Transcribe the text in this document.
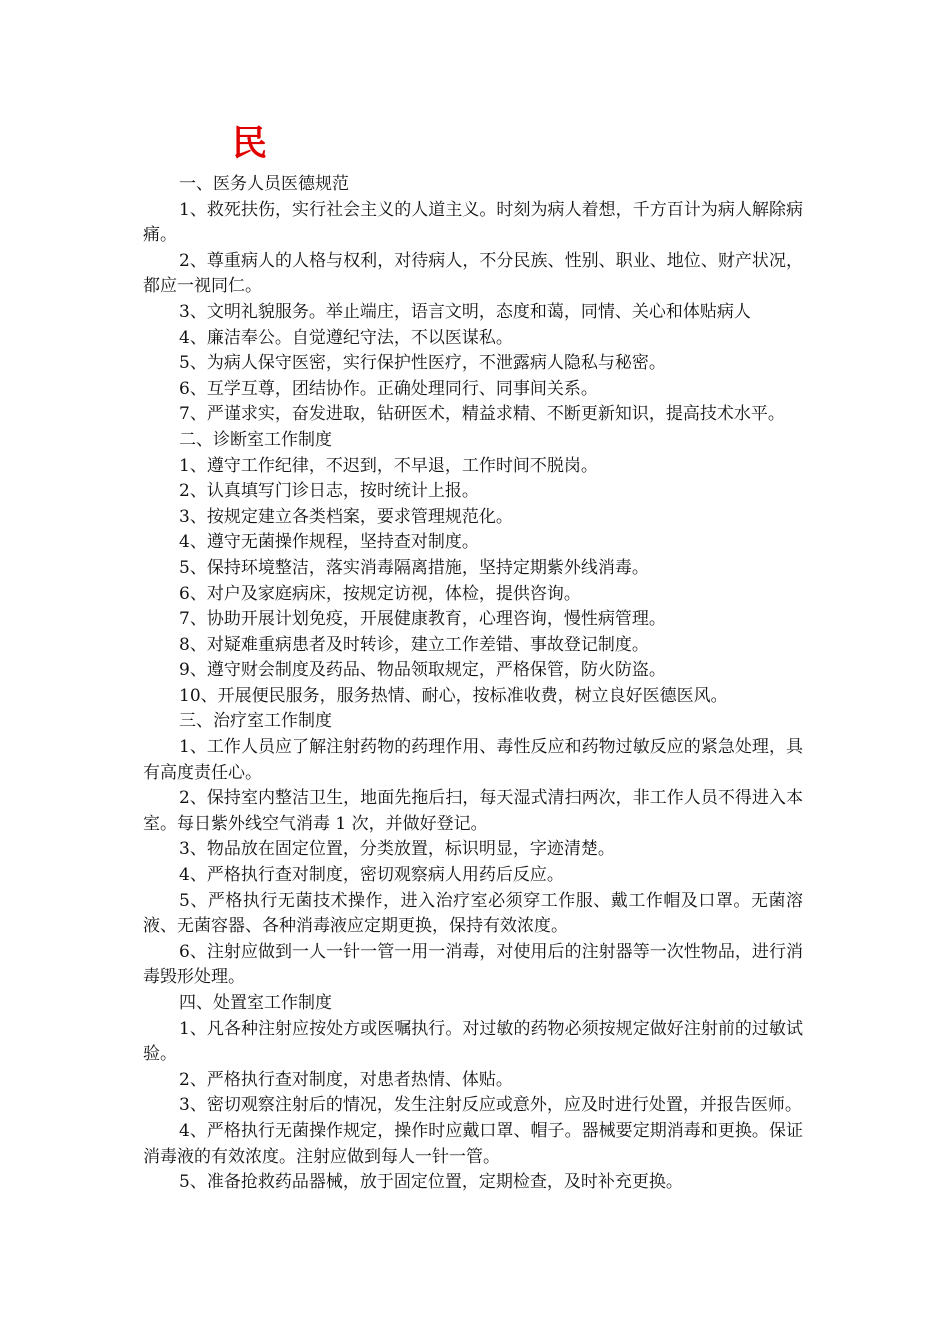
民

一、医务人员医德规范

1、救死扶伤，实行社会主义的人道主义。时刻为病人着想，千方百计为病人解除病痛。

2、尊重病人的人格与权利，对待病人，不分民族、性别、职业、地位、财产状况，都应一视同仁。

3、文明礼貌服务。举止端庄，语言文明，态度和蔼，同情、关心和体贴病人

4、廉洁奉公。自觉遵纪守法，不以医谋私。

5、为病人保守医密，实行保护性医疗，不泄露病人隐私与秘密。

6、互学互尊，团结协作。正确处理同行、同事间关系。

7、严谨求实，奋发进取，钻研医术，精益求精、不断更新知识，提高技术水平。

二、诊断室工作制度

1、遵守工作纪律，不迟到，不早退，工作时间不脱岗。

2、认真填写门诊日志，按时统计上报。

3、按规定建立各类档案，要求管理规范化。

4、遵守无菌操作规程，坚持查对制度。

5、保持环境整洁，落实消毒隔离措施，坚持定期紫外线消毒。

6、对户及家庭病床，按规定访视，体检，提供咨询。

7、协助开展计划免疫，开展健康教育，心理咨询，慢性病管理。

8、对疑难重病患者及时转诊，建立工作差错、事故登记制度。

9、遵守财会制度及药品、物品领取规定，严格保管，防火防盗。

10、开展便民服务，服务热情、耐心，按标准收费，树立良好医德医风。

三、治疗室工作制度

1、工作人员应了解注射药物的药理作用、毒性反应和药物过敏反应的紧急处理，具有高度责任心。

2、保持室内整洁卫生，地面先拖后扫，每天湿式清扫两次，非工作人员不得进入本室。每日紫外线空气消毒 1 次，并做好登记。

3、物品放在固定位置，分类放置，标识明显，字迹清楚。

4、严格执行查对制度，密切观察病人用药后反应。

5、严格执行无菌技术操作，进入治疗室必须穿工作服、戴工作帽及口罩。无菌溶液、无菌容器、各种消毒液应定期更换，保持有效浓度。

6、注射应做到一人一针一管一用一消毒，对使用后的注射器等一次性物品，进行消毒毁形处理。

四、处置室工作制度

1、凡各种注射应按处方或医嘱执行。对过敏的药物必须按规定做好注射前的过敏试验。

2、严格执行查对制度，对患者热情、体贴。

3、密切观察注射后的情况，发生注射反应或意外，应及时进行处置，并报告医师。

4、严格执行无菌操作规定，操作时应戴口罩、帽子。器械要定期消毒和更换。保证消毒液的有效浓度。注射应做到每人一针一管。

5、准备抢救药品器械，放于固定位置，定期检查，及时补充更换。
